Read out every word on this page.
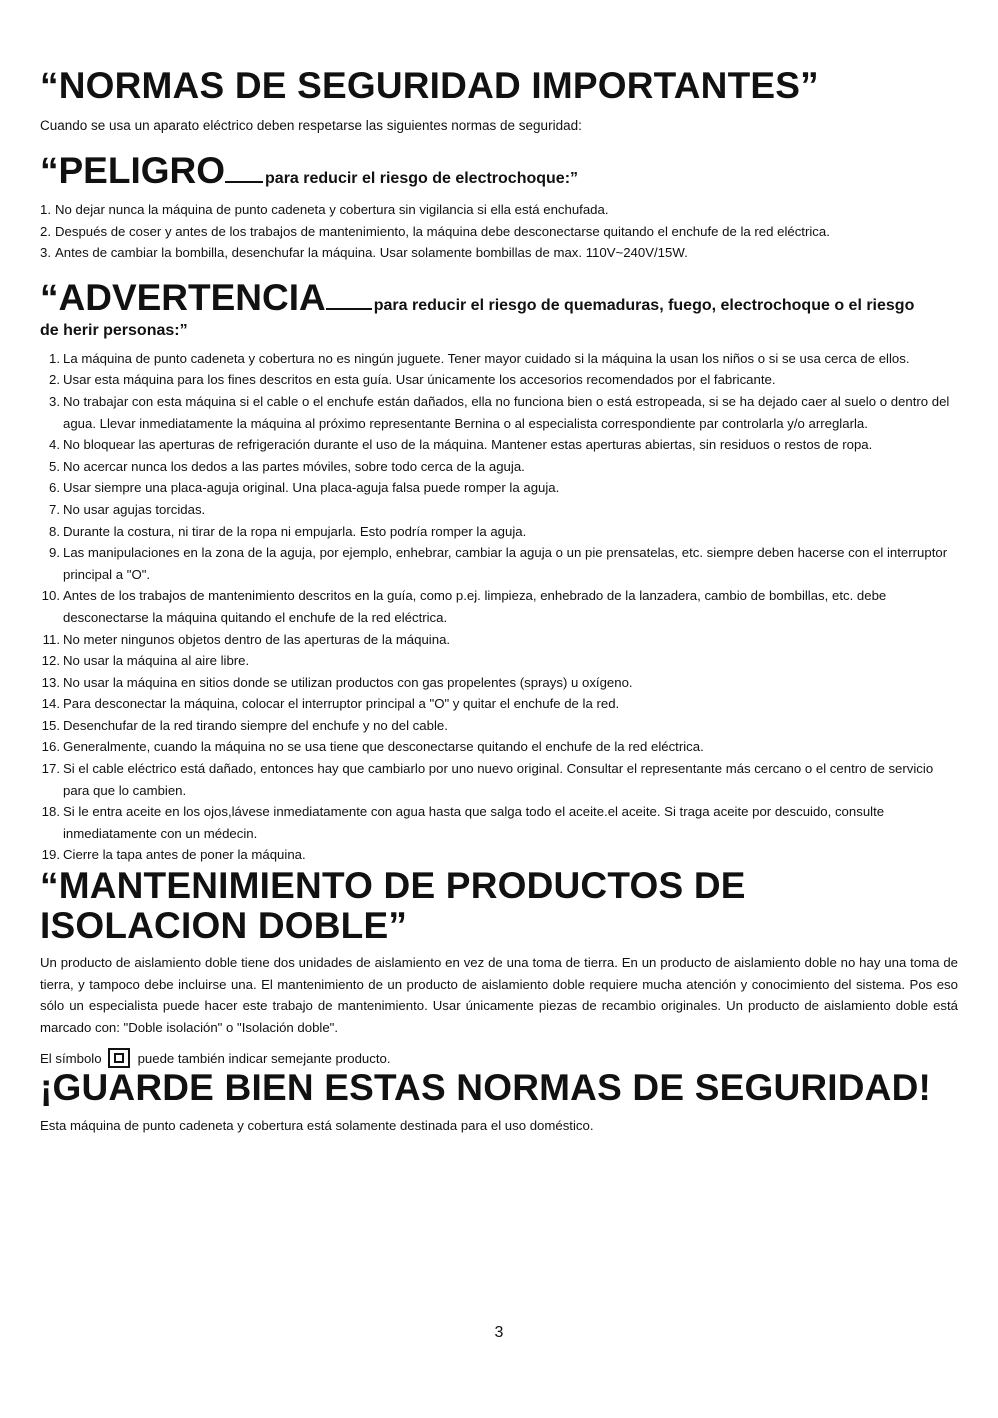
“NORMAS DE SEGURIDAD IMPORTANTES”

Cuando se usa un aparato eléctrico deben respetarse las siguientes normas de seguridad:

“PELIGRO	para reducir el riesgo de electrochoque:”
1. No dejar nunca la máquina de punto cadeneta y cobertura sin vigilancia si ella está enchufada.
2. Después de coser y antes de los trabajos de mantenimiento, la máquina debe desconectarse quitando el enchufe de la red eléctrica.
3. Antes de cambiar la bombilla, desenchufar la máquina. Usar solamente bombillas de max. 110V~240V/15W.
“ADVERTENCIA	para reducir el riesgo de quemaduras, fuego, electrochoque o el riesgo
de herir personas:”
1. La máquina de punto cadeneta y cobertura no es ningún juguete. Tener mayor cuidado si la máquina la usan los niños o si se usa cerca de ellos.
2. Usar esta máquina para los fines descritos en esta guía. Usar únicamente los accesorios recomendados por el fabricante.
3. No trabajar con esta máquina si el cable o el enchufe están dañados, ella no funciona bien o está estropeada, si se ha dejado caer al suelo o dentro del agua. Llevar inmediatamente la máquina al próximo representante Bernina o al especialista correspondiente par controlarla y/o arreglarla.
4. No bloquear las aperturas de refrigeración durante el uso de la máquina. Mantener estas aperturas abiertas, sin residuos o restos de ropa.
5. No acercar nunca los dedos a las partes móviles, sobre todo cerca de la aguja.
6. Usar siempre una placa-aguja original. Una placa-aguja falsa puede romper la aguja.
7. No usar agujas torcidas.
8. Durante la costura, ni tirar de la ropa ni empujarla. Esto podría romper la aguja.
9. Las manipulaciones en la zona de la aguja, por ejemplo, enhebrar, cambiar la aguja o un pie prensatelas, etc. siempre deben hacerse con el interruptor principal a "O".
10. Antes de los trabajos de mantenimiento descritos en la guía, como p.ej. limpieza, enhebrado de la lanzadera, cambio de bombillas, etc. debe desconectarse la máquina quitando el enchufe de la red eléctrica.
11. No meter ningunos objetos dentro de las aperturas de la máquina.
12. No usar la máquina al aire libre.
13. No usar la máquina en sitios donde se utilizan productos con gas propelentes (sprays) u oxígeno.
14. Para desconectar la máquina, colocar el interruptor principal a "O" y quitar el enchufe de la red.
15. Desenchufar de la red tirando siempre del enchufe y no del cable.
16. Generalmente, cuando la máquina no se usa tiene que desconectarse quitando el enchufe de la red eléctrica.
17. Si el cable eléctrico está dañado, entonces hay que cambiarlo por uno nuevo original. Consultar el representante más cercano o el centro de servicio para que lo cambien.
18. Si le entra aceite en los ojos,lávese inmediatamente con agua hasta que salga todo el aceite.el aceite. Si traga aceite por descuido, consulte inmediatamente con un médecin.
19. Cierre la tapa antes de poner la máquina.
“MANTENIMIENTO DE PRODUCTOS DE ISOLACION DOBLE”

Un producto de aislamiento doble tiene dos unidades de aislamiento en vez de una toma de tierra. En un producto de aislamiento doble no hay una toma de tierra, y tampoco debe incluirse una. El mantenimiento de un producto de aislamiento doble requiere mucha atención y conocimiento del sistema. Pos eso sólo un especialista puede hacer este trabajo de mantenimiento. Usar únicamente piezas de recambio originales. Un producto de aislamiento doble está marcado con: "Doble isolación" o "Isolación doble".

El símbolo	puede también indicar semejante producto.
¡GUARDE BIEN ESTAS NORMAS DE SEGURIDAD!

Esta máquina de punto cadeneta y cobertura está solamente destinada para el uso doméstico.

3
